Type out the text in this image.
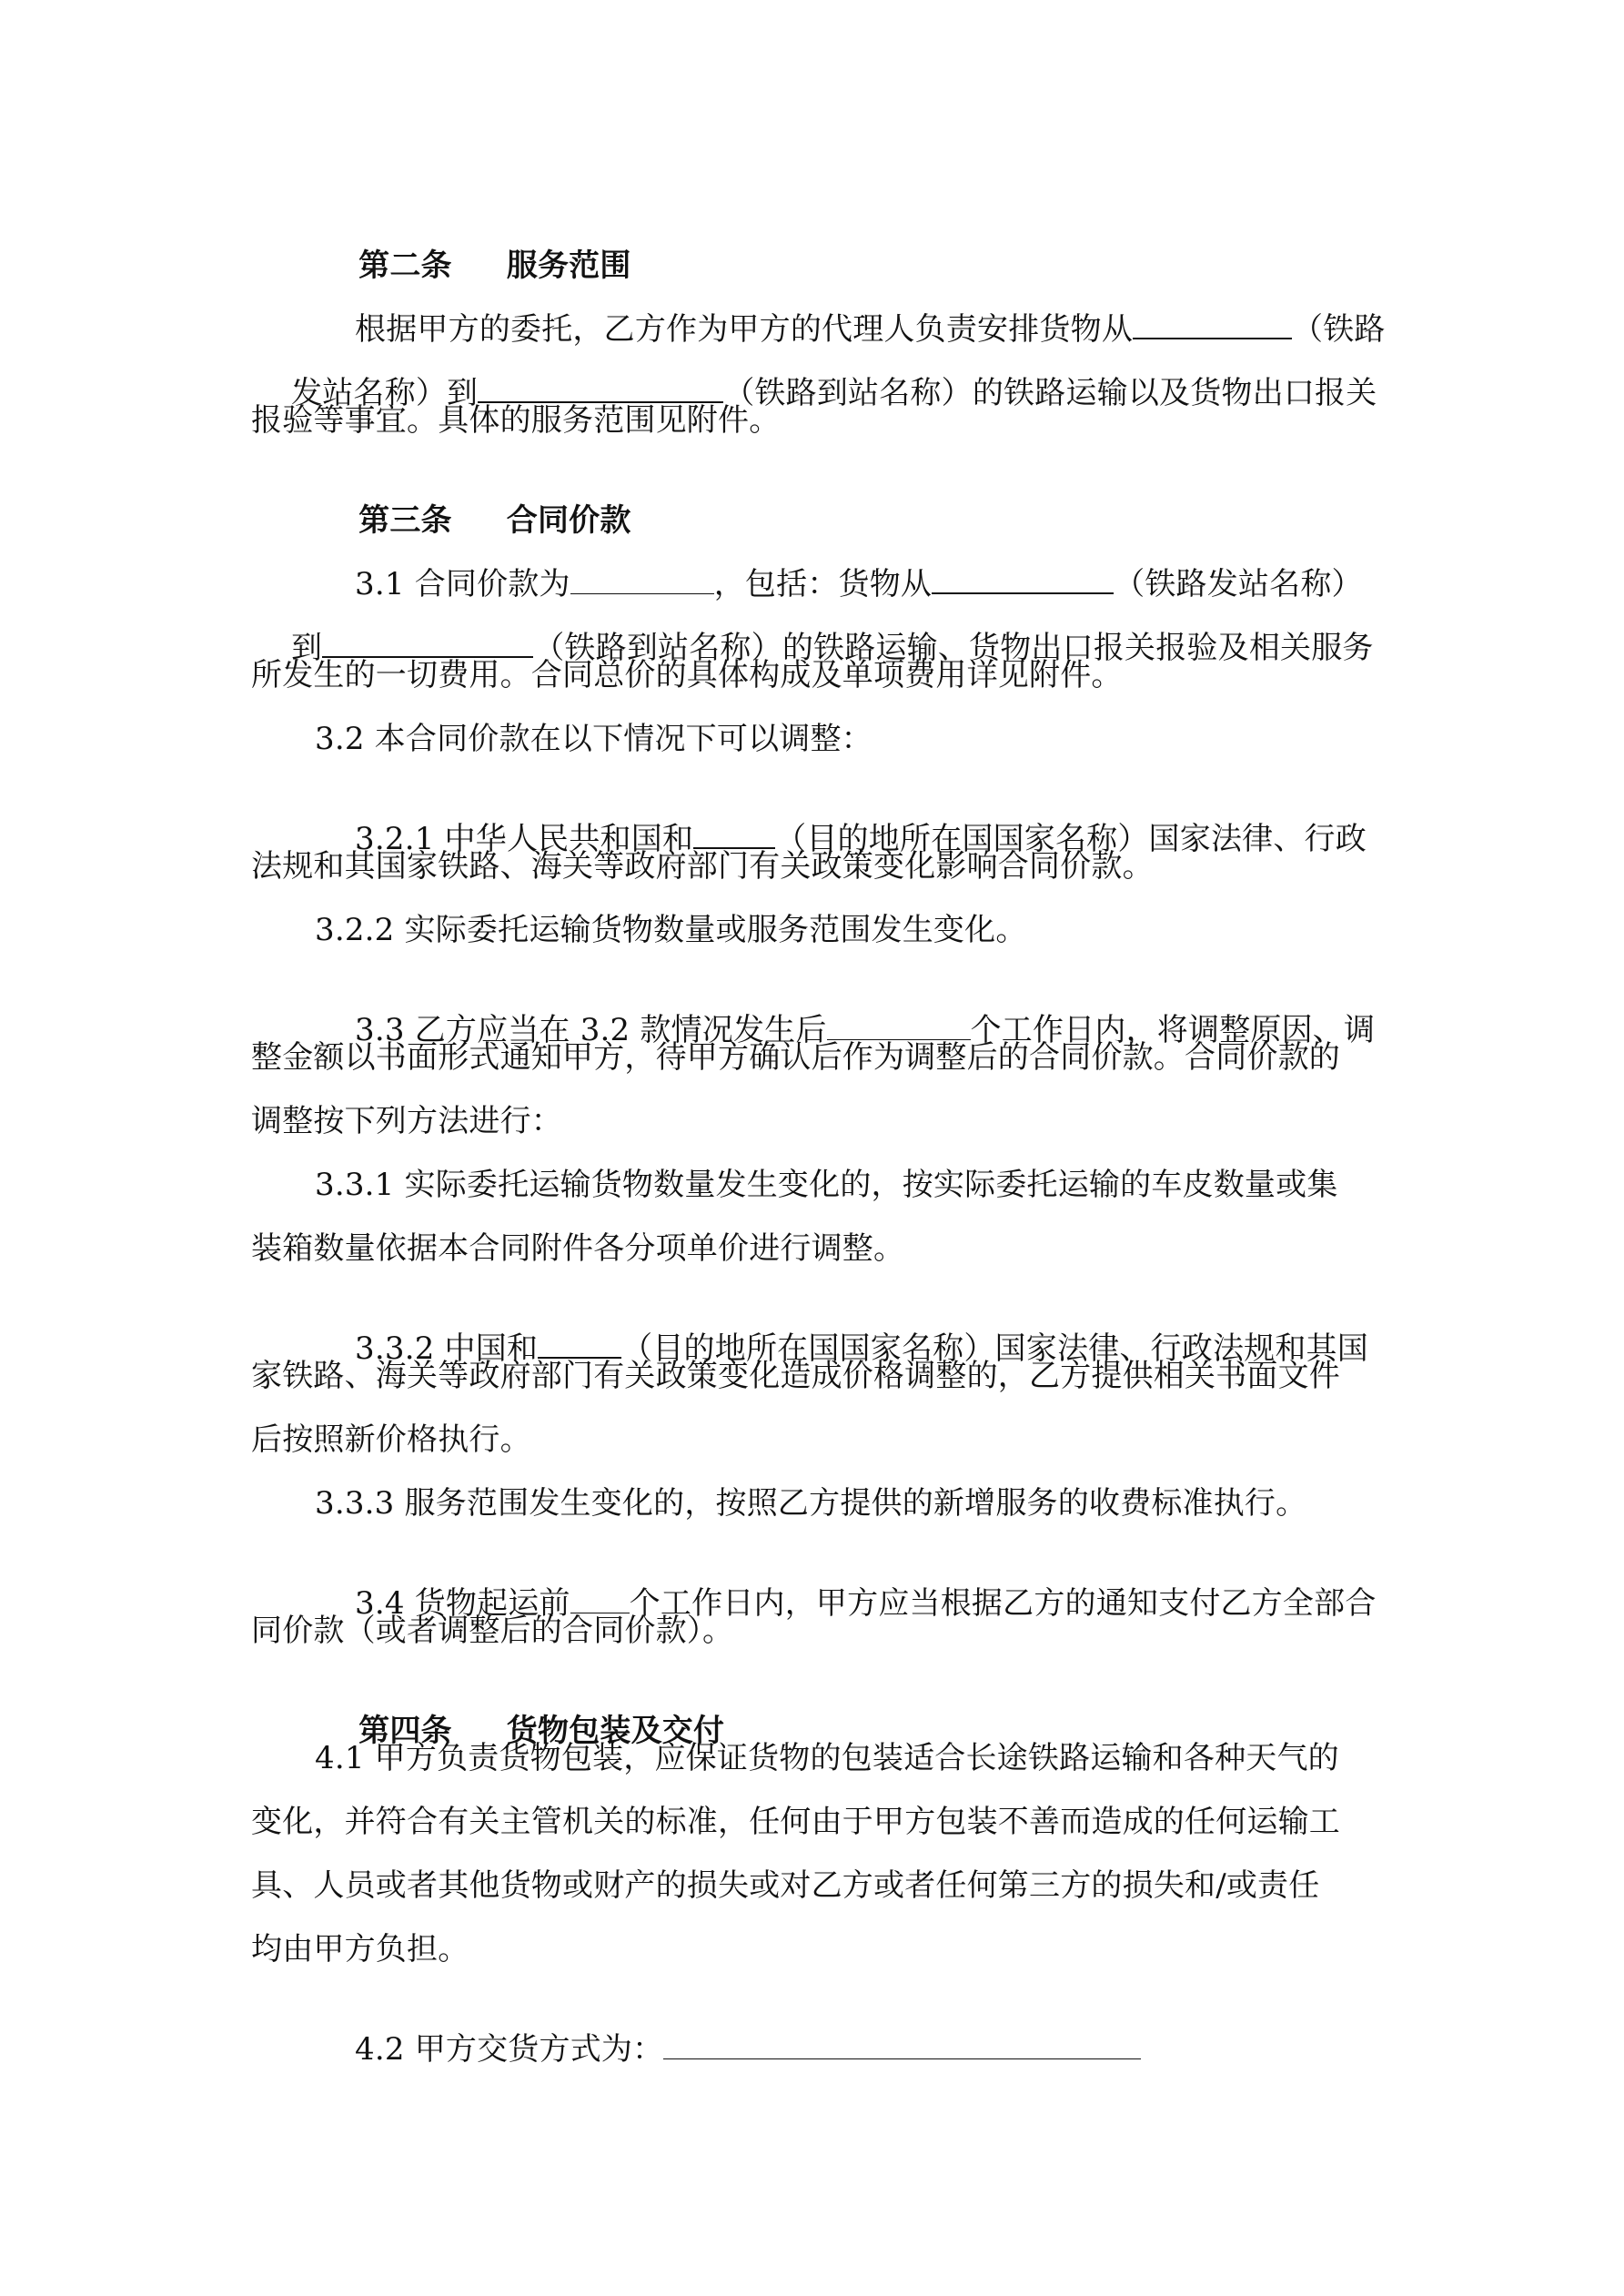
第二条 服务范围

根据甲方的委托，乙方作为甲方的代理人负责安排货物从	（铁路

发站名称）到	（铁路到站名称）的铁路运输以及货物出口报关

报验等事宜。具体的服务范围见附件。

第三条 合同价款

3.1 合同价款为	，包括：货物从	（铁路发站名称）

到	（铁路到站名称）的铁路运输、货物出口报关报验及相关服务

所发生的一切费用。合同总价的具体构成及单项费用详见附件。
3.2 本合同价款在以下情况下可以调整：

3.2.1 中华人民共和国和	（目的地所在国国家名称）国家法律、行政

法规和其国家铁路、海关等政府部门有关政策变化影响合同价款。
3.2.2 实际委托运输货物数量或服务范围发生变化。

3.3 乙方应当在 3.2 款情况发生后	个工作日内，将调整原因、调

整金额以书面形式通知甲方，待甲方确认后作为调整后的合同价款。合同价款的
调整按下列方法进行：
3.3.1 实际委托运输货物数量发生变化的，按实际委托运输的车皮数量或集
装箱数量依据本合同附件各分项单价进行调整。

3.3.2 中国和	（目的地所在国国家名称）国家法律、行政法规和其国

家铁路、海关等政府部门有关政策变化造成价格调整的，乙方提供相关书面文件
后按照新价格执行。
3.3.3 服务范围发生变化的，按照乙方提供的新增服务的收费标准执行。

3.4 货物起运前 个工作日内，甲方应当根据乙方的通知支付乙方全部合

同价款（或者调整后的合同价款）。

第四条 货物包装及交付

4.1 甲方负责货物包装，应保证货物的包装适合长途铁路运输和各种天气的
变化，并符合有关主管机关的标准，任何由于甲方包装不善而造成的任何运输工
具、人员或者其他货物或财产的损失或对乙方或者任何第三方的损失和/或责任
均由甲方负担。

4.2 甲方交货方式为：
